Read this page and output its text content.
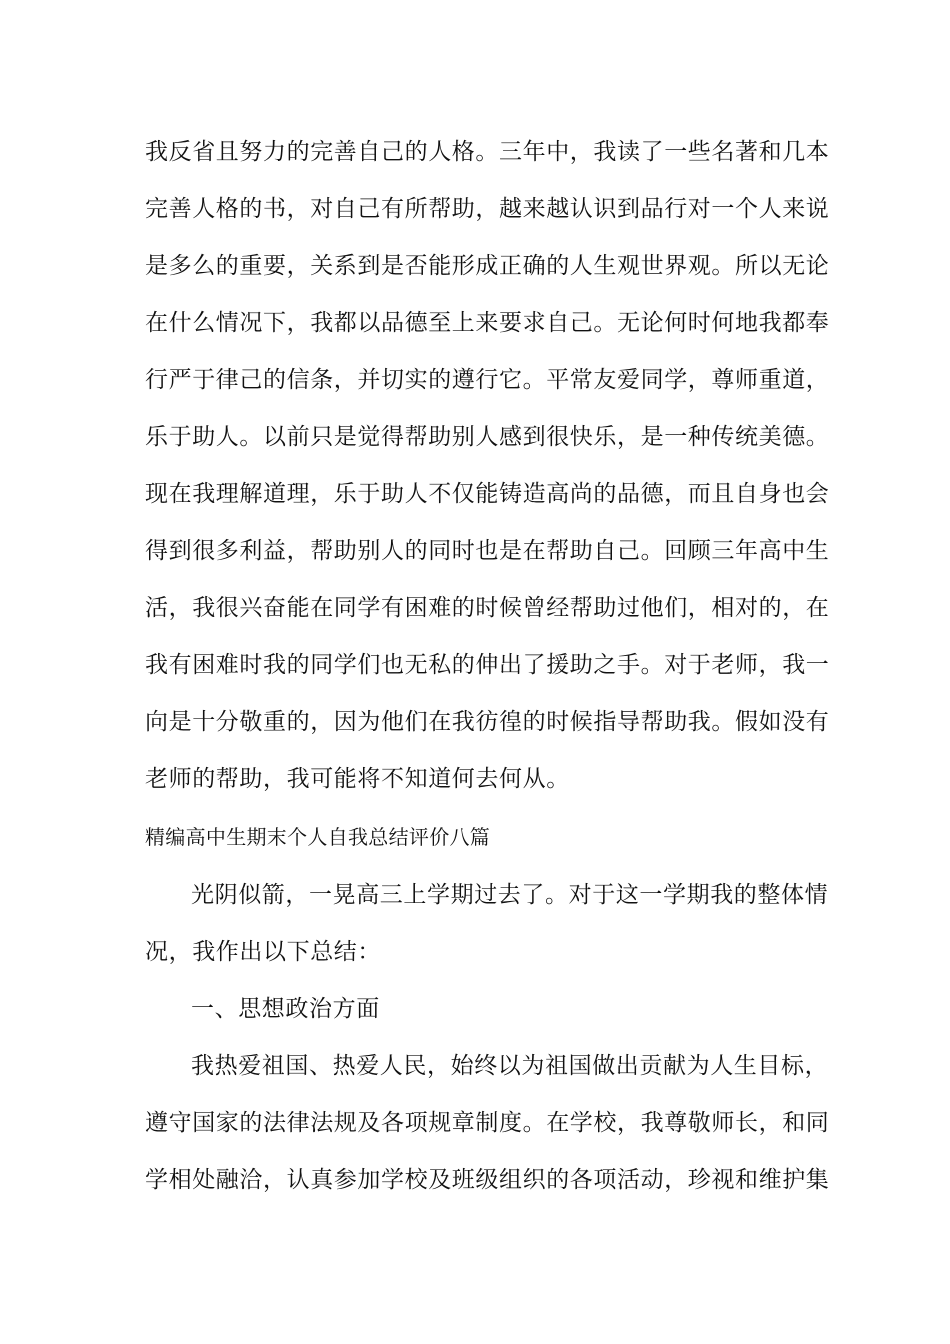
我反省且努力的完善自己的人格。三年中，我读了一些名著和几本
完善人格的书，对自己有所帮助，越来越认识到品行对一个人来说
是多么的重要，关系到是否能形成正确的人生观世界观。所以无论
在什么情况下，我都以品德至上来要求自己。无论何时何地我都奉
行严于律己的信条，并切实的遵行它。平常友爱同学，尊师重道，
乐于助人。以前只是觉得帮助别人感到很快乐，是一种传统美德。
现在我理解道理，乐于助人不仅能铸造高尚的品德，而且自身也会
得到很多利益，帮助别人的同时也是在帮助自己。回顾三年高中生
活，我很兴奋能在同学有困难的时候曾经帮助过他们，相对的，在
我有困难时我的同学们也无私的伸出了援助之手。对于老师，我一
向是十分敬重的，因为他们在我彷徨的时候指导帮助我。假如没有
老师的帮助，我可能将不知道何去何从。
精编高中生期末个人自我总结评价八篇
光阴似箭，一晃高三上学期过去了。对于这一学期我的整体情
况，我作出以下总结：
一、思想政治方面
我热爱祖国、热爱人民，始终以为祖国做出贡献为人生目标，
遵守国家的法律法规及各项规章制度。在学校，我尊敬师长，和同
学相处融洽，认真参加学校及班级组织的各项活动，珍视和维护集
